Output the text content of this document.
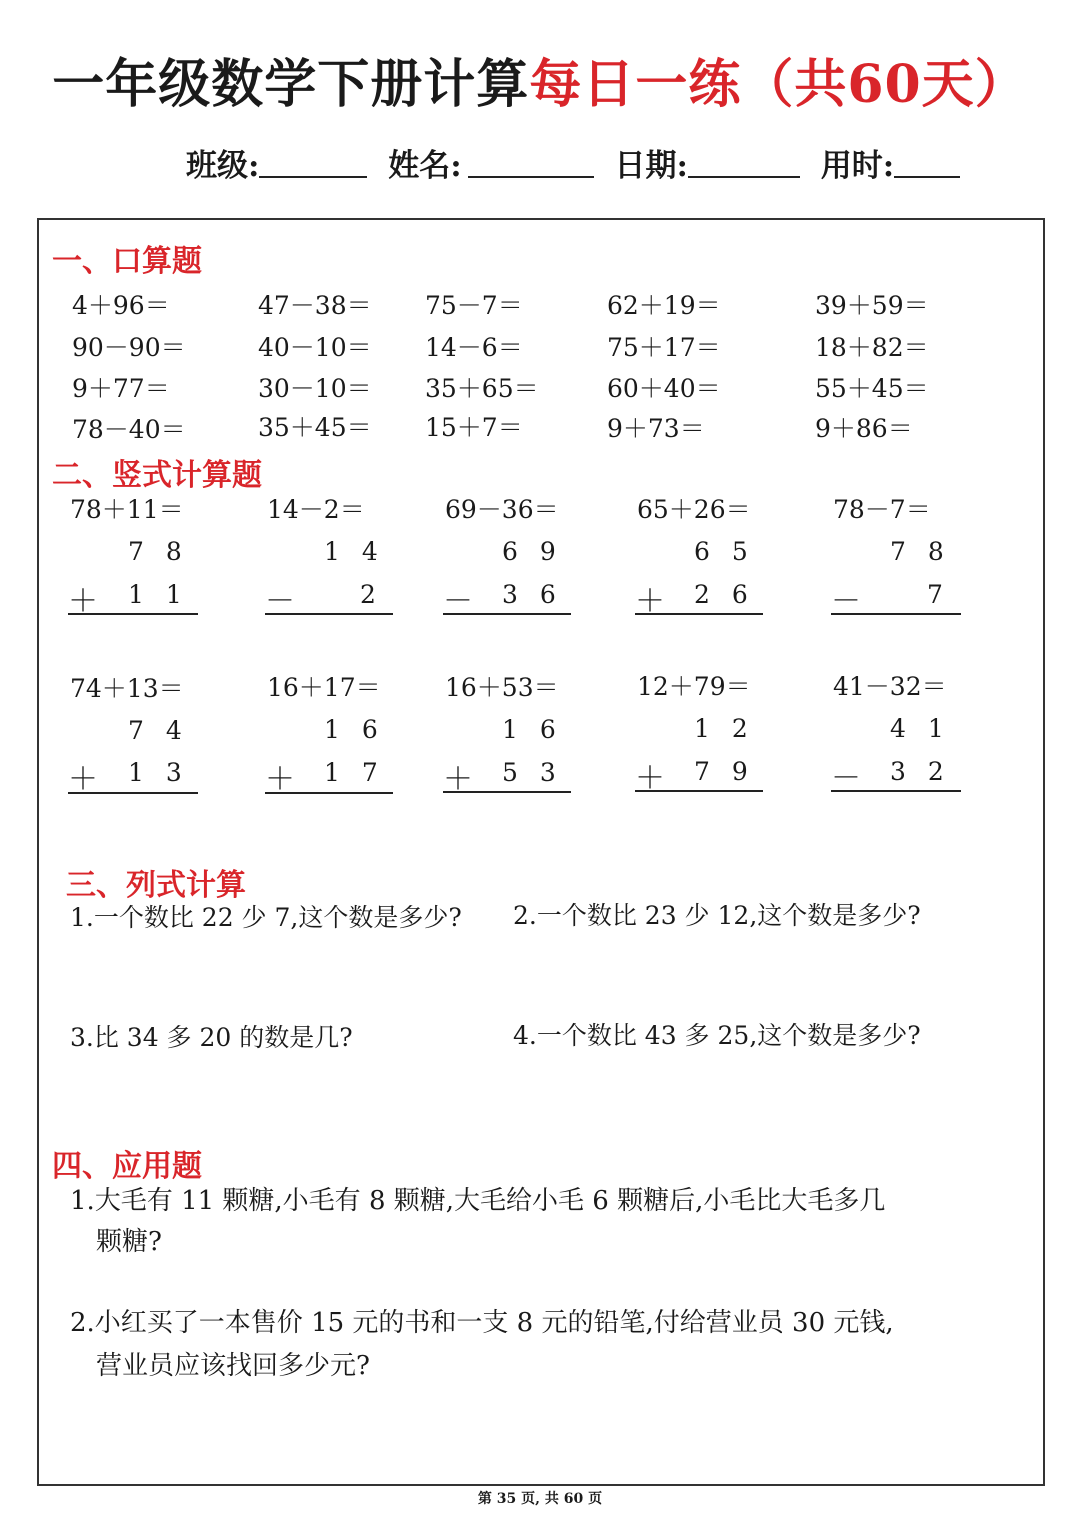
一年级数学下册计算每日一练（共60天）
班级:	姓名:	日期:	用时:
一、口算题
4＋96＝	47－38＝ 75－7＝	62＋19＝	39＋59＝
90－90＝	40－10＝ 14－6＝	75＋17＝	18＋82＝
9＋77＝	30－10＝ 35＋65＝	60＋40＝	55＋45＝
78－40＝	35＋45＝ 15＋7＝	9＋73＝	9＋86＝
二、竖式计算题
78＋11＝
7 8
＋ 1 1
14－2＝
1 4
－	2
69－36＝
6 9
－ 3 6
65＋26＝
6 5
＋ 2 6
78－7＝
7 8
－	7
74＋13＝
7 4
＋ 1 3
16＋17＝
1 6
＋ 1 7
16＋53＝
1 6
＋ 5 3
12＋79＝
1 2
＋ 7 9
41－32＝
4 1
－ 3 2
三、列式计算
1.一个数比 22 少 7,这个数是多少? 2.一个数比 23 少 12,这个数是多少?
3.比 34 多 20 的数是几?	4.一个数比 43 多 25,这个数是多少?
四、应用题
1.大毛有 11 颗糖,小毛有 8 颗糖,大毛给小毛 6 颗糖后,小毛比大毛多几
颗糖?
2.小红买了一本售价 15 元的书和一支 8 元的铅笔,付给营业员 30 元钱,
营业员应该找回多少元?
第 35 页, 共 60 页
